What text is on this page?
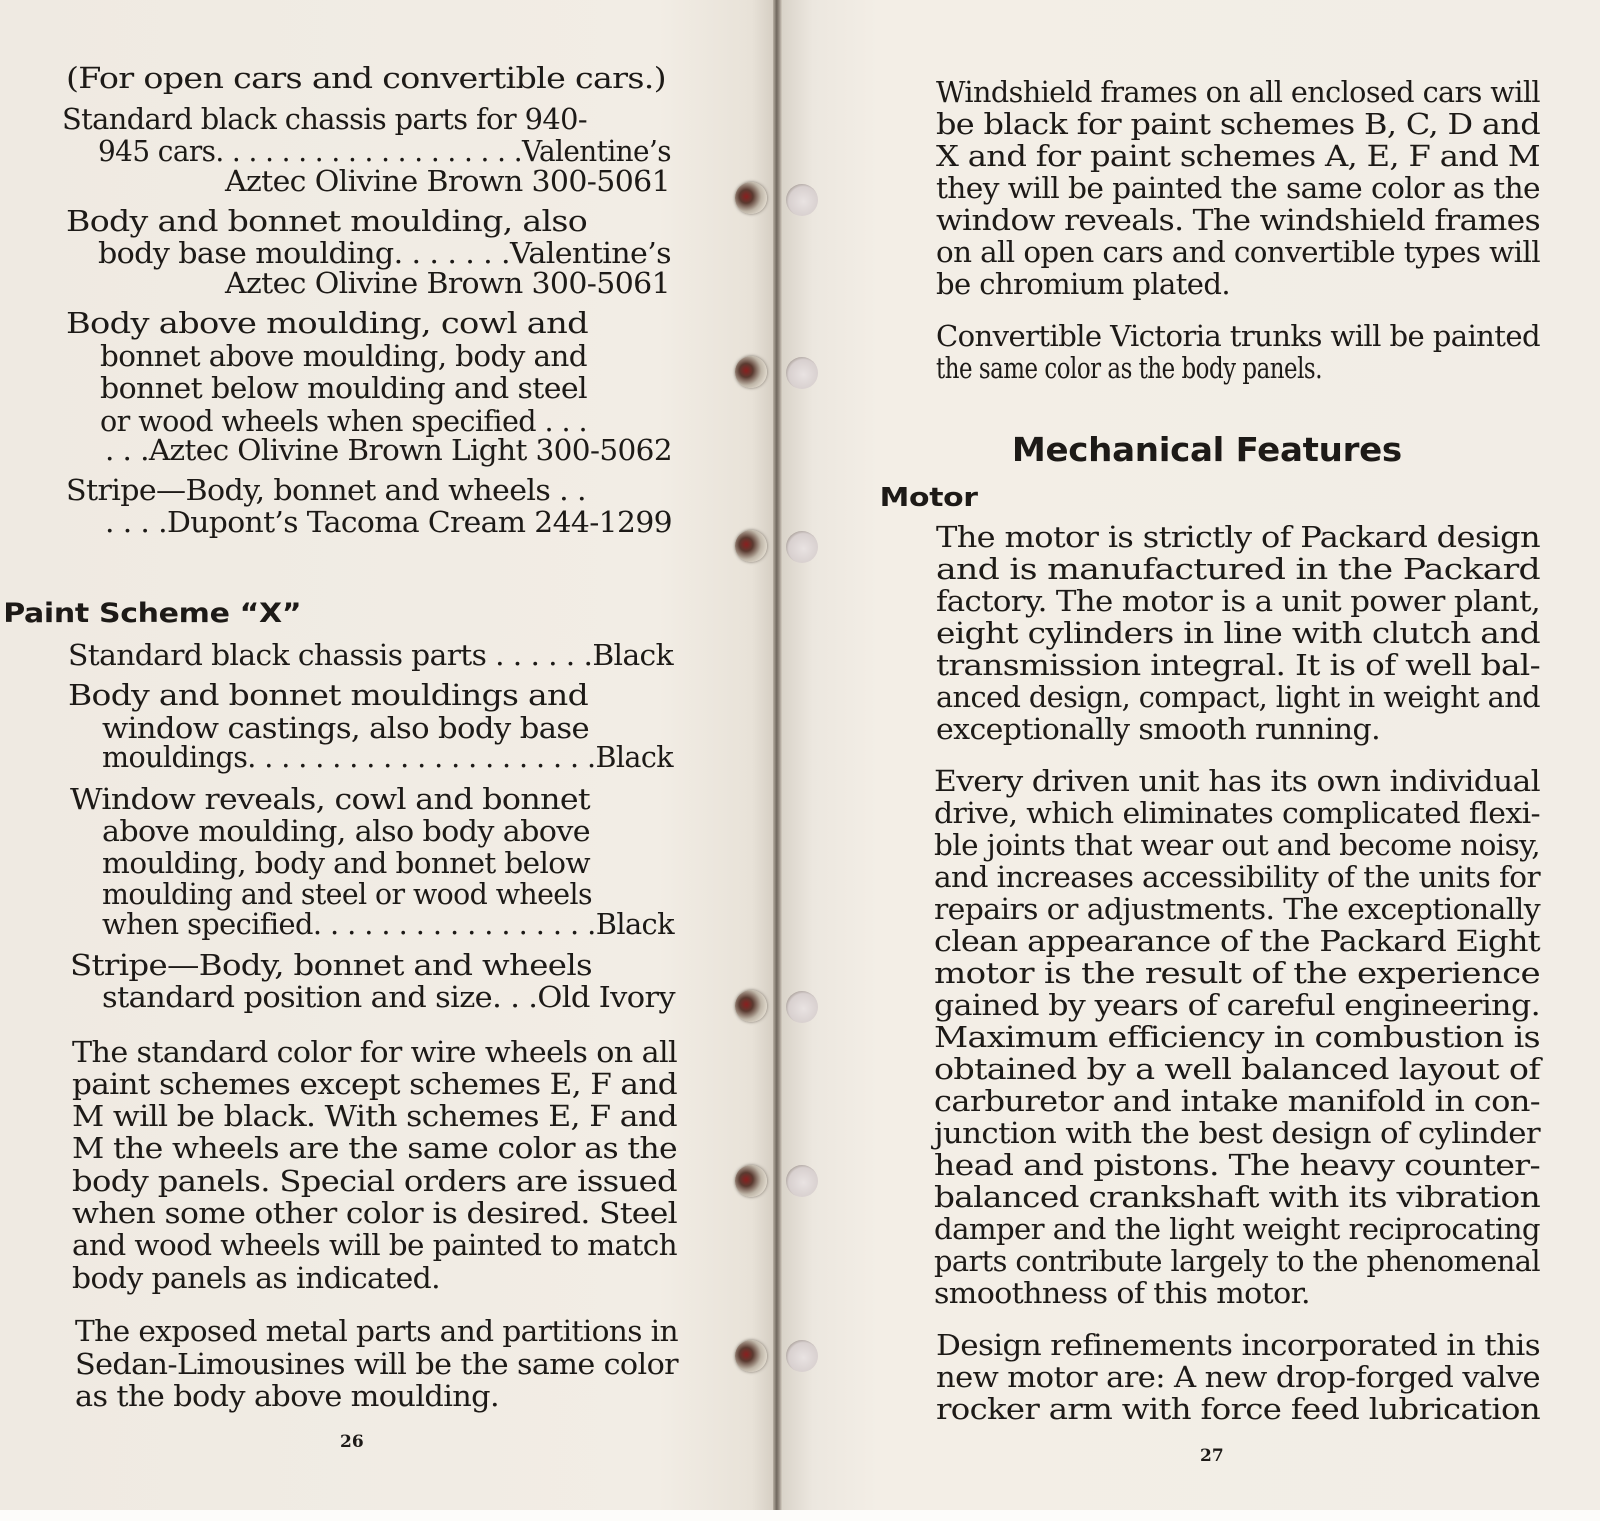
(For open cars and convertible cars.)
Standard black chassis parts for 940-
945 cars. . . . . . . . . . . . . . . . . . .Valentine’s
Aztec Olivine Brown 300-5061
Body and bonnet moulding, also
body base moulding. . . . . . .Valentine’s
Aztec Olivine Brown 300-5061
Body above moulding, cowl and
bonnet above moulding, body and
bonnet below moulding and steel
or wood wheels when specified . . .
. . .Aztec Olivine Brown Light 300-5062
Stripe—Body, bonnet and wheels . .
. . . .Dupont’s Tacoma Cream 244-1299
Paint Scheme “X”
Standard black chassis parts . . . . . .Black
Body and bonnet mouldings and
window castings, also body base
mouldings. . . . . . . . . . . . . . . . . . . . .Black
Window reveals, cowl and bonnet
above moulding, also body above
moulding, body and bonnet below
moulding and steel or wood wheels
when specified. . . . . . . . . . . . . . . . .Black
Stripe—Body, bonnet and wheels
standard position and size. . .Old Ivory
The standard color for wire wheels on all
paint schemes except schemes E, F and
M will be black. With schemes E, F and
M the wheels are the same color as the
body panels. Special orders are issued
when some other color is desired. Steel
and wood wheels will be painted to match
body panels as indicated.
The exposed metal parts and partitions in
Sedan-Limousines will be the same color
as the body above moulding.
26
Windshield frames on all enclosed cars will
be black for paint schemes B, C, D and
X and for paint schemes A, E, F and M
they will be painted the same color as the
window reveals. The windshield frames
on all open cars and convertible types will
be chromium plated.
Convertible Victoria trunks will be painted
the same color as the body panels.
Mechanical Features
Motor
The motor is strictly of Packard design
and is manufactured in the Packard
factory. The motor is a unit power plant,
eight cylinders in line with clutch and
transmission integral. It is of well bal-
anced design, compact, light in weight and
exceptionally smooth running.
Every driven unit has its own individual
drive, which eliminates complicated flexi-
ble joints that wear out and become noisy,
and increases accessibility of the units for
repairs or adjustments. The exceptionally
clean appearance of the Packard Eight
motor is the result of the experience
gained by years of careful engineering.
Maximum efficiency in combustion is
obtained by a well balanced layout of
carburetor and intake manifold in con-
junction with the best design of cylinder
head and pistons. The heavy counter-
balanced crankshaft with its vibration
damper and the light weight reciprocating
parts contribute largely to the phenomenal
smoothness of this motor.
Design refinements incorporated in this
new motor are: A new drop-forged valve
rocker arm with force feed lubrication
27
